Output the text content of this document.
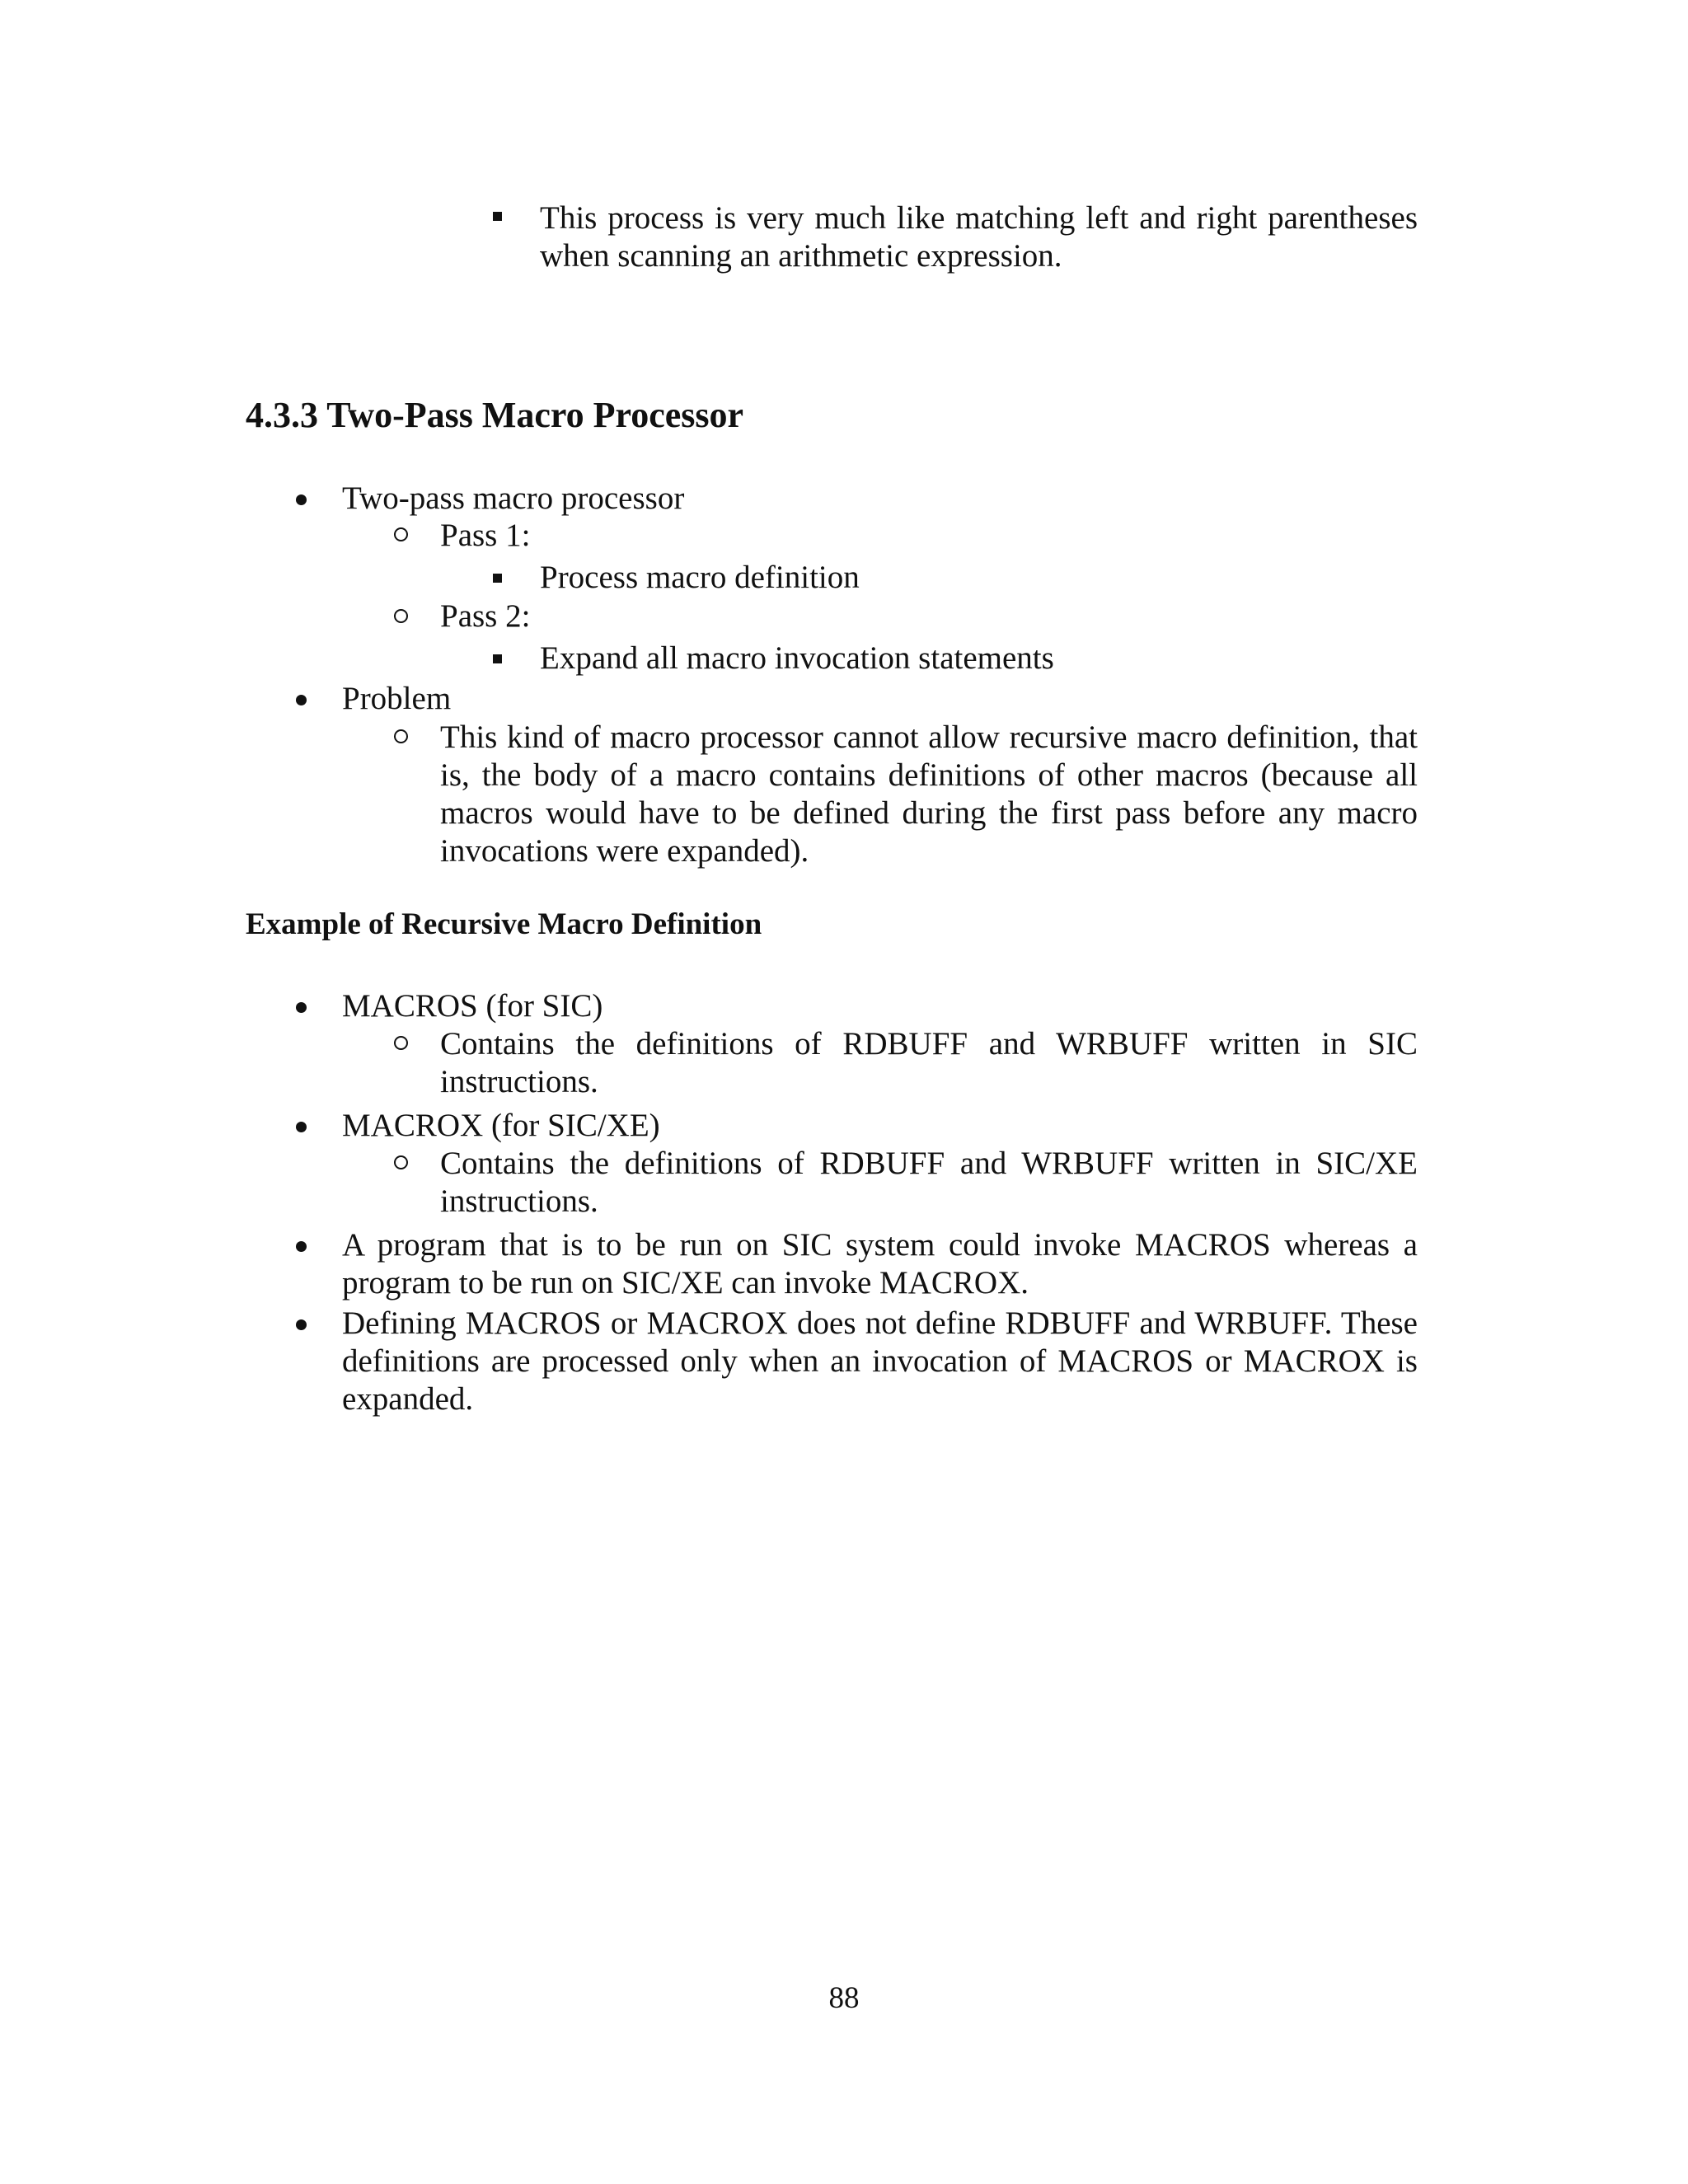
This process is very much like matching left and right parentheses when scanning an arithmetic expression.
4.3.3 Two-Pass Macro Processor
Two-pass macro processor
Pass 1:
Process macro definition
Pass 2:
Expand all macro invocation statements
Problem
This kind of macro processor cannot allow recursive macro definition, that is, the body of a macro contains definitions of other macros (because all macros would have to be defined during the first pass before any macro invocations were expanded).
Example of Recursive Macro Definition
MACROS (for SIC)
Contains the definitions of RDBUFF and WRBUFF written in SIC instructions.
MACROX (for SIC/XE)
Contains the definitions of RDBUFF and WRBUFF written in SIC/XE instructions.
A program that is to be run on SIC system could invoke MACROS whereas a program to be run on SIC/XE can invoke MACROX.
Defining MACROS or MACROX does not define RDBUFF and WRBUFF. These definitions are processed only when an invocation of MACROS or MACROX is expanded.
88
